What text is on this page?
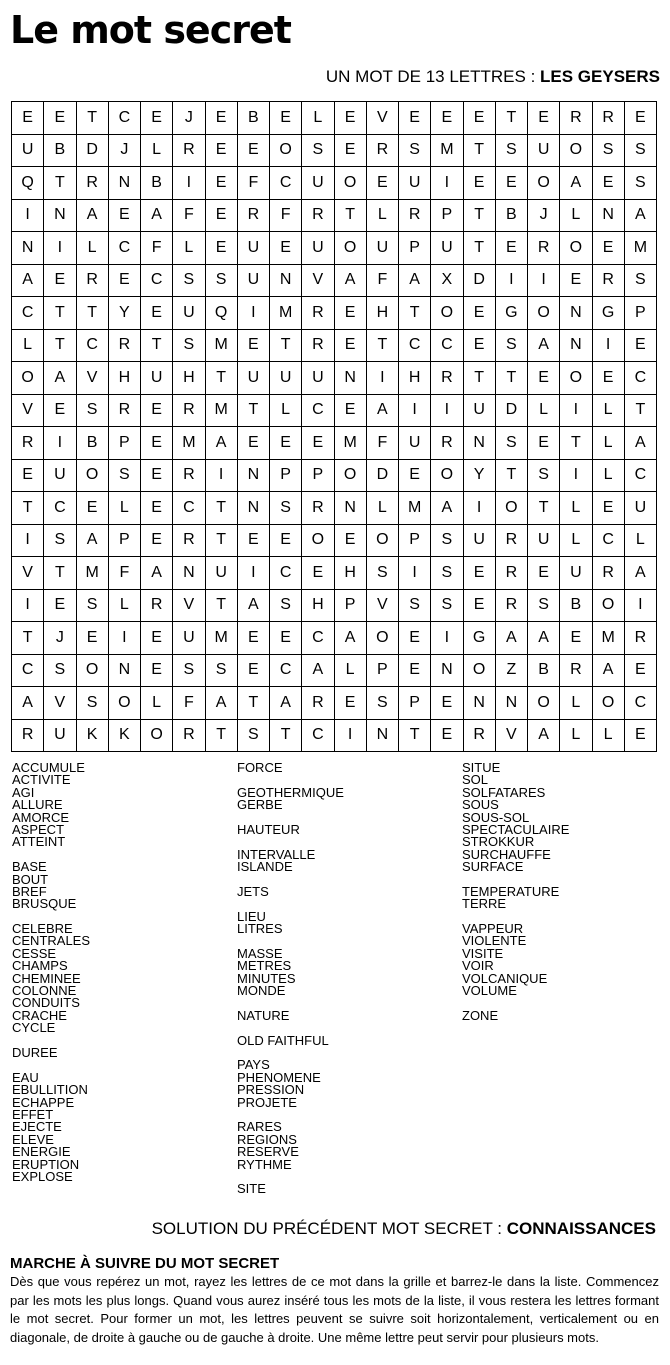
Le mot secret
UN MOT DE 13 LETTRES : LES GEYSERS
E	E	T	C	E	J	E	B	E	L	E	V	E	E	E	T	E	R	R	E
U	B	D	J	L	R	E	E	O	S	E	R	S	M	T	S	U	O	S	S
Q	T	R	N	B	I	E	F	C	U	O	E	U	I	E	E	O	A	E	S
I	N	A	E	A	F	E	R	F	R	T	L	R	P	T	B	J	L	N	A
N	I	L	C	F	L	E	U	E	U	O	U	P	U	T	E	R	O	E	M
A	E	R	E	C	S	S	U	N	V	A	F	A	X	D	I	I	E	R	S
C	T	T	Y	E	U	Q	I	M	R	E	H	T	O	E	G	O	N	G	P
L	T	C	R	T	S	M	E	T	R	E	T	C	C	E	S	A	N	I	E
O	A	V	H	U	H	T	U	U	U	N	I	H	R	T	T	E	O	E	C
V	E	S	R	E	R	M	T	L	C	E	A	I	I	U	D	L	I	L	T
R	I	B	P	E	M	A	E	E	E	M	F	U	R	N	S	E	T	L	A
E	U	O	S	E	R	I	N	P	P	O	D	E	O	Y	T	S	I	L	C
T	C	E	L	E	C	T	N	S	R	N	L	M	A	I	O	T	L	E	U
I	S	A	P	E	R	T	E	E	O	E	O	P	S	U	R	U	L	C	L
V	T	M	F	A	N	U	I	C	E	H	S	I	S	E	R	E	U	R	A
I	E	S	L	R	V	T	A	S	H	P	V	S	S	E	R	S	B	O	I
T	J	E	I	E	U	M	E	E	C	A	O	E	I	G	A	A	E	M	R
C	S	O	N	E	S	S	E	C	A	L	P	E	N	O	Z	B	R	A	E
A	V	S	O	L	F	A	T	A	R	E	S	P	E	N	N	O	L	O	C
R	U	K	K	O	R	T	S	T	C	I	N	T	E	R	V	A	L	L	E
ACCUMULE
ACTIVITE
AGI
ALLURE
AMORCE
ASPECT
ATTEINT
BASE
BOUT
BREF
BRUSQUE
CELEBRE
CENTRALES
CESSE
CHAMPS
CHEMINEE
COLONNE
CONDUITS
CRACHE
CYCLE
DUREE
EAU
EBULLITION
ECHAPPE
EFFET
EJECTE
ELEVE
ENERGIE
ERUPTION
EXPLOSE
FORCE
GEOTHERMIQUE
GERBE
HAUTEUR
INTERVALLE
ISLANDE
JETS
LIEU
LITRES
MASSE
METRES
MINUTES
MONDE
NATURE
OLD FAITHFUL
PAYS
PHENOMENE
PRESSION
PROJETE
RARES
REGIONS
RESERVE
RYTHME
SITE
SITUE
SOL
SOLFATARES
SOUS
SOUS-SOL
SPECTACULAIRE
STROKKUR
SURCHAUFFE
SURFACE
TEMPERATURE
TERRE
VAPPEUR
VIOLENTE
VISITE
VOIR
VOLCANIQUE
VOLUME
ZONE
SOLUTION DU PRÉCÉDENT MOT SECRET : CONNAISSANCES
MARCHE À SUIVRE DU MOT SECRET
Dès que vous repérez un mot, rayez les lettres de ce mot dans la grille et barrez-le dans la liste. Commencez par les mots les plus longs. Quand vous aurez inséré tous les mots de la liste, il vous restera les lettres formant le mot secret. Pour former un mot, les lettres peuvent se suivre soit horizontalement, verticalement ou en diagonale, de droite à gauche ou de gauche à droite. Une même lettre peut servir pour plusieurs mots.
